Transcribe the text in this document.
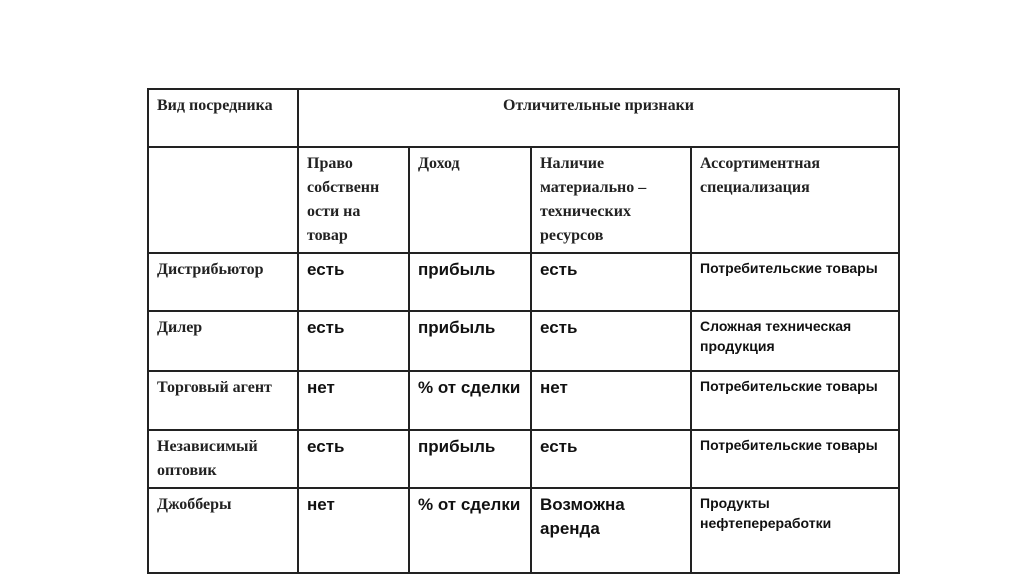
Вид посредника	Отличительные признаки			
	Право собственн ости на товар	Доход	Наличие материально – технических ресурсов	Ассортиментная специализация
Дистрибьютор	есть	прибыль	есть	Потребительские товары
Дилер	есть	прибыль	есть	Сложная техническая продукция
Торговый агент	нет	% от сделки	нет	Потребительские товары
Независимый оптовик	есть	прибыль	есть	Потребительские товары
Джобберы	нет	% от сделки	Возможна аренда	Продукты нефтепереработки
